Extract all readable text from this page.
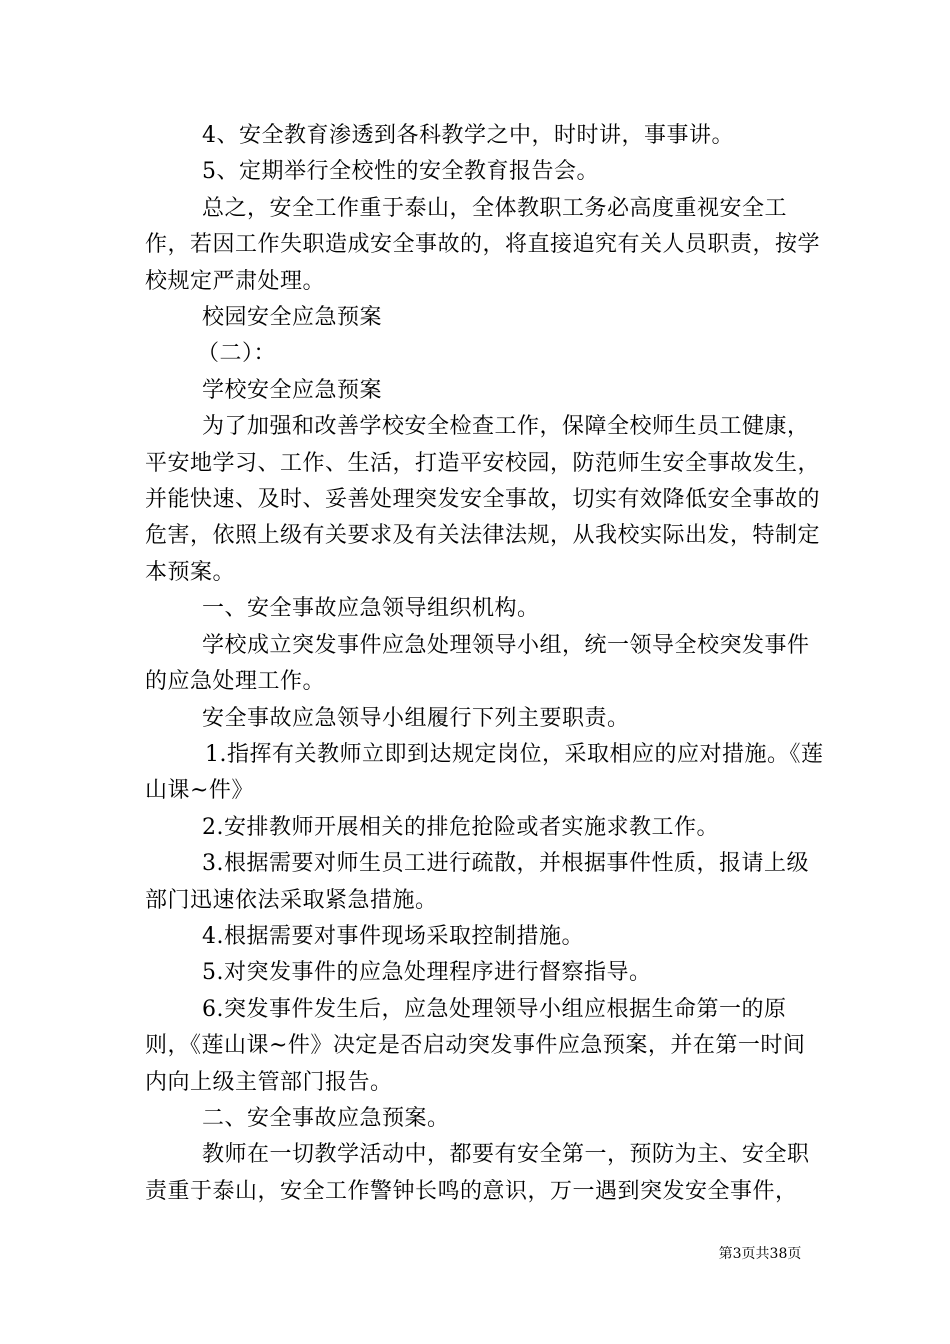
4、安全教育渗透到各科教学之中，时时讲，事事讲。

5、定期举行全校性的安全教育报告会。

总之，安全工作重于泰山，全体教职工务必高度重视安全工作，若因工作失职造成安全事故的，将直接追究有关人员职责，按学校规定严肃处理。

校园安全应急预案

（二）：

学校安全应急预案

为了加强和改善学校安全检查工作，保障全校师生员工健康，平安地学习、工作、生活，打造平安校园，防范师生安全事故发生，并能快速、及时、妥善处理突发安全事故，切实有效降低安全事故的危害，依照上级有关要求及有关法律法规，从我校实际出发，特制定本预案。

一、安全事故应急领导组织机构。

学校成立突发事件应急处理领导小组，统一领导全校突发事件的应急处理工作。

安全事故应急领导小组履行下列主要职责。

1.指挥有关教师立即到达规定岗位，采取相应的应对措施。《莲山课~件》

2.安排教师开展相关的排危抢险或者实施求教工作。

3.根据需要对师生员工进行疏散，并根据事件性质，报请上级部门迅速依法采取紧急措施。

4.根据需要对事件现场采取控制措施。

5.对突发事件的应急处理程序进行督察指导。

6.突发事件发生后，应急处理领导小组应根据生命第一的原则，《莲山课~件》决定是否启动突发事件应急预案，并在第一时间内向上级主管部门报告。

二、安全事故应急预案。

教师在一切教学活动中，都要有安全第一，预防为主、安全职责重于泰山，安全工作警钟长鸣的意识，万一遇到突发安全事件，

第3页共38页
